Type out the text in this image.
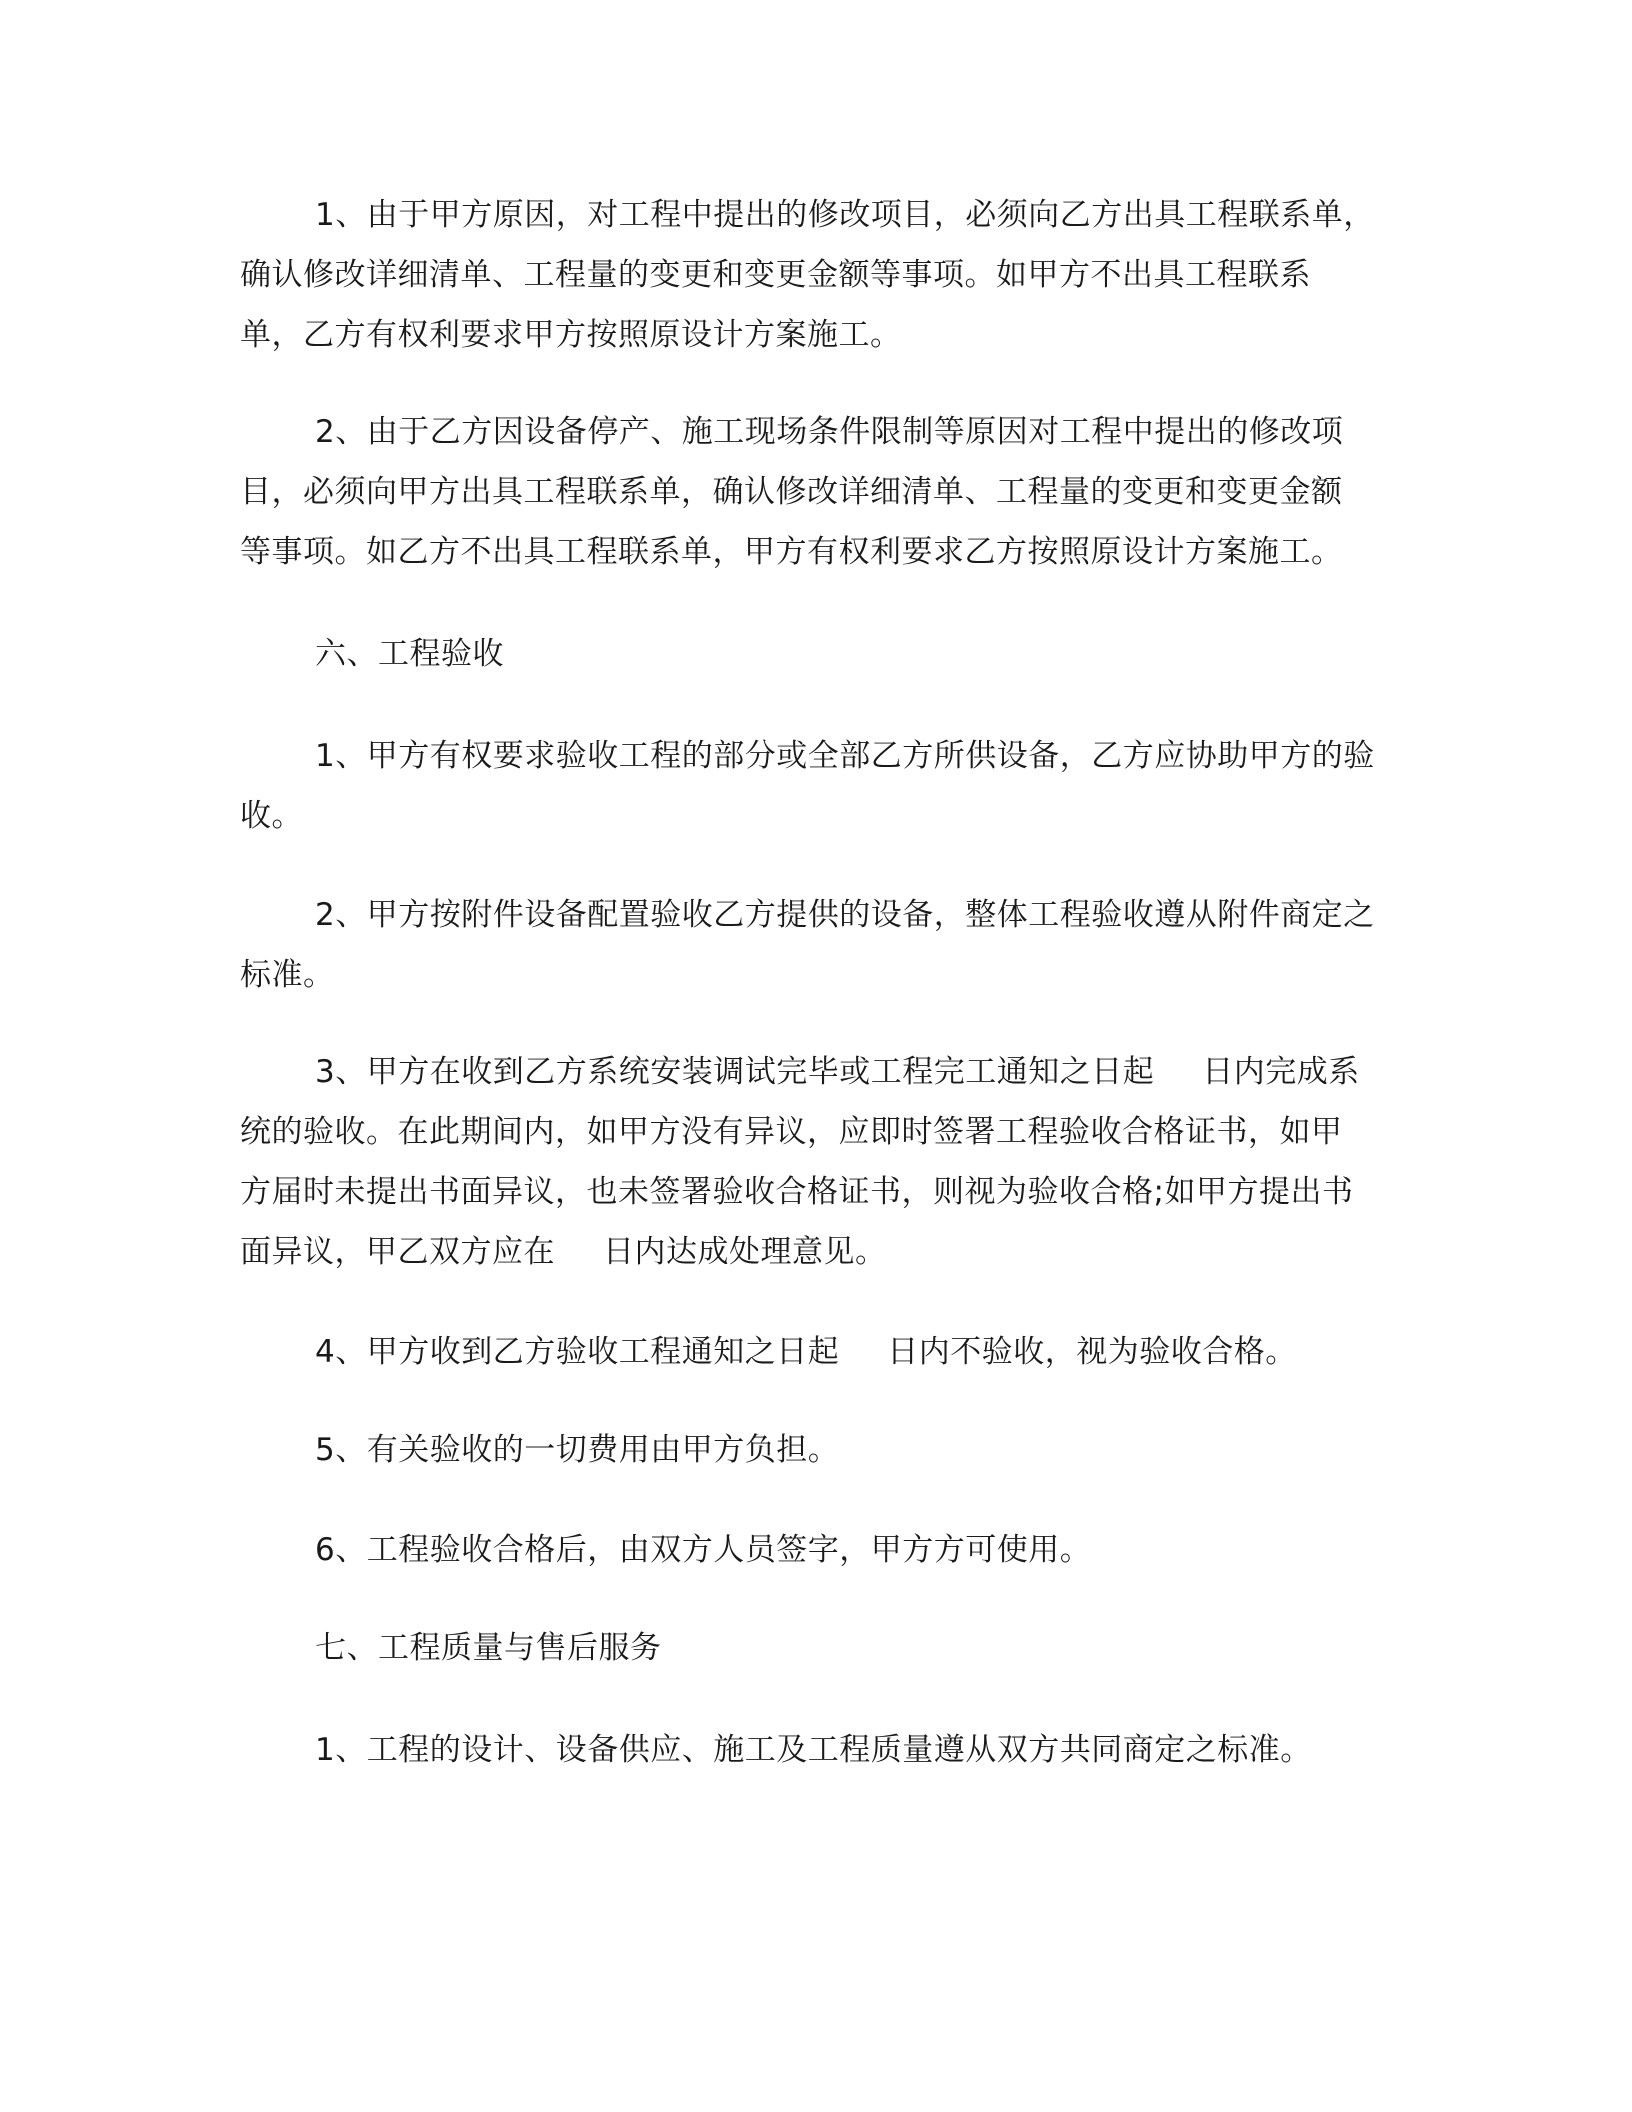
1、由于甲方原因，对工程中提出的修改项目，必须向乙方出具工程联系单，
确认修改详细清单、工程量的变更和变更金额等事项。如甲方不出具工程联系
单，乙方有权利要求甲方按照原设计方案施工。
2、由于乙方因设备停产、施工现场条件限制等原因对工程中提出的修改项
目，必须向甲方出具工程联系单，确认修改详细清单、工程量的变更和变更金额
等事项。如乙方不出具工程联系单，甲方有权利要求乙方按照原设计方案施工。
六、工程验收
1、甲方有权要求验收工程的部分或全部乙方所供设备，乙方应协助甲方的验
收。
2、甲方按附件设备配置验收乙方提供的设备，整体工程验收遵从附件商定之
标准。
3、甲方在收到乙方系统安装调试完毕或工程完工通知之日起 日内完成系
统的验收。在此期间内，如甲方没有异议，应即时签署工程验收合格证书，如甲
方届时未提出书面异议，也未签署验收合格证书，则视为验收合格;如甲方提出书
面异议，甲乙双方应在 日内达成处理意见。
4、甲方收到乙方验收工程通知之日起 日内不验收，视为验收合格。
5、有关验收的一切费用由甲方负担。
6、工程验收合格后，由双方人员签字，甲方方可使用。
七、工程质量与售后服务
1、工程的设计、设备供应、施工及工程质量遵从双方共同商定之标准。
